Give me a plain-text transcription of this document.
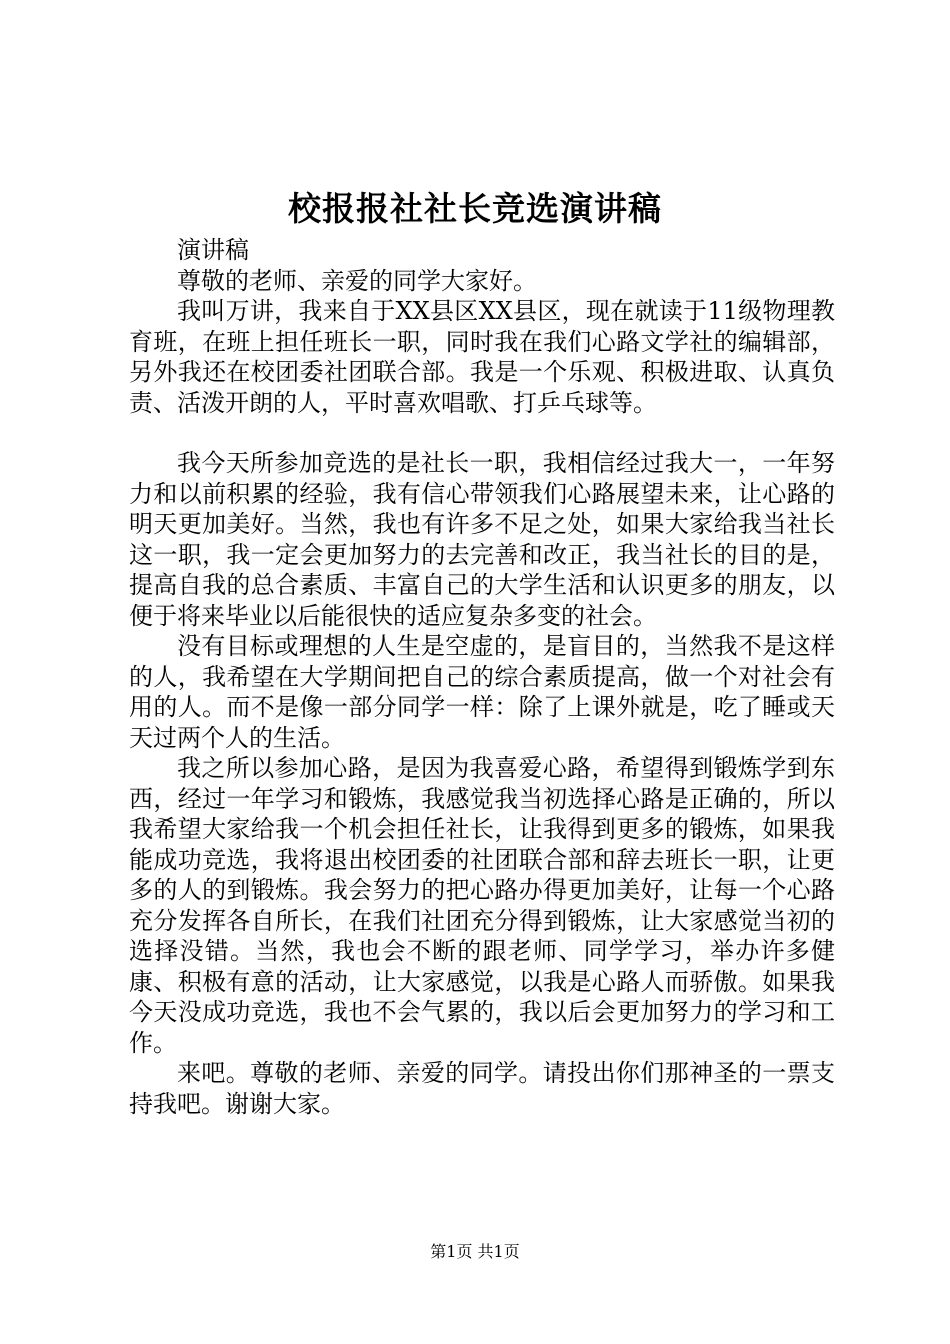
校报报社社长竞选演讲稿

演讲稿

尊敬的老师、亲爱的同学大家好。

我叫万讲，我来自于XX县区XX县区，现在就读于11级物理教育班，在班上担任班长一职，同时我在我们心路文学社的编辑部，另外我还在校团委社团联合部。我是一个乐观、积极进取、认真负责、活泼开朗的人，平时喜欢唱歌、打乒乓球等。

我今天所参加竞选的是社长一职，我相信经过我大一，一年努力和以前积累的经验，我有信心带领我们心路展望未来，让心路的明天更加美好。当然，我也有许多不足之处，如果大家给我当社长这一职，我一定会更加努力的去完善和改正，我当社长的目的是，提高自我的总合素质、丰富自己的大学生活和认识更多的朋友，以便于将来毕业以后能很快的适应复杂多变的社会。

没有目标或理想的人生是空虚的，是盲目的，当然我不是这样的人，我希望在大学期间把自己的综合素质提高，做一个对社会有用的人。而不是像一部分同学一样：除了上课外就是，吃了睡或天天过两个人的生活。

我之所以参加心路，是因为我喜爱心路，希望得到锻炼学到东西，经过一年学习和锻炼，我感觉我当初选择心路是正确的，所以我希望大家给我一个机会担任社长，让我得到更多的锻炼，如果我能成功竞选，我将退出校团委的社团联合部和辞去班长一职，让更多的人的到锻炼。我会努力的把心路办得更加美好，让每一个心路充分发挥各自所长，在我们社团充分得到锻炼，让大家感觉当初的选择没错。当然，我也会不断的跟老师、同学学习，举办许多健康、积极有意的活动，让大家感觉，以我是心路人而骄傲。如果我今天没成功竞选，我也不会气累的，我以后会更加努力的学习和工作。

来吧。尊敬的老师、亲爱的同学。请投出你们那神圣的一票支持我吧。谢谢大家。

第1页 共1页
